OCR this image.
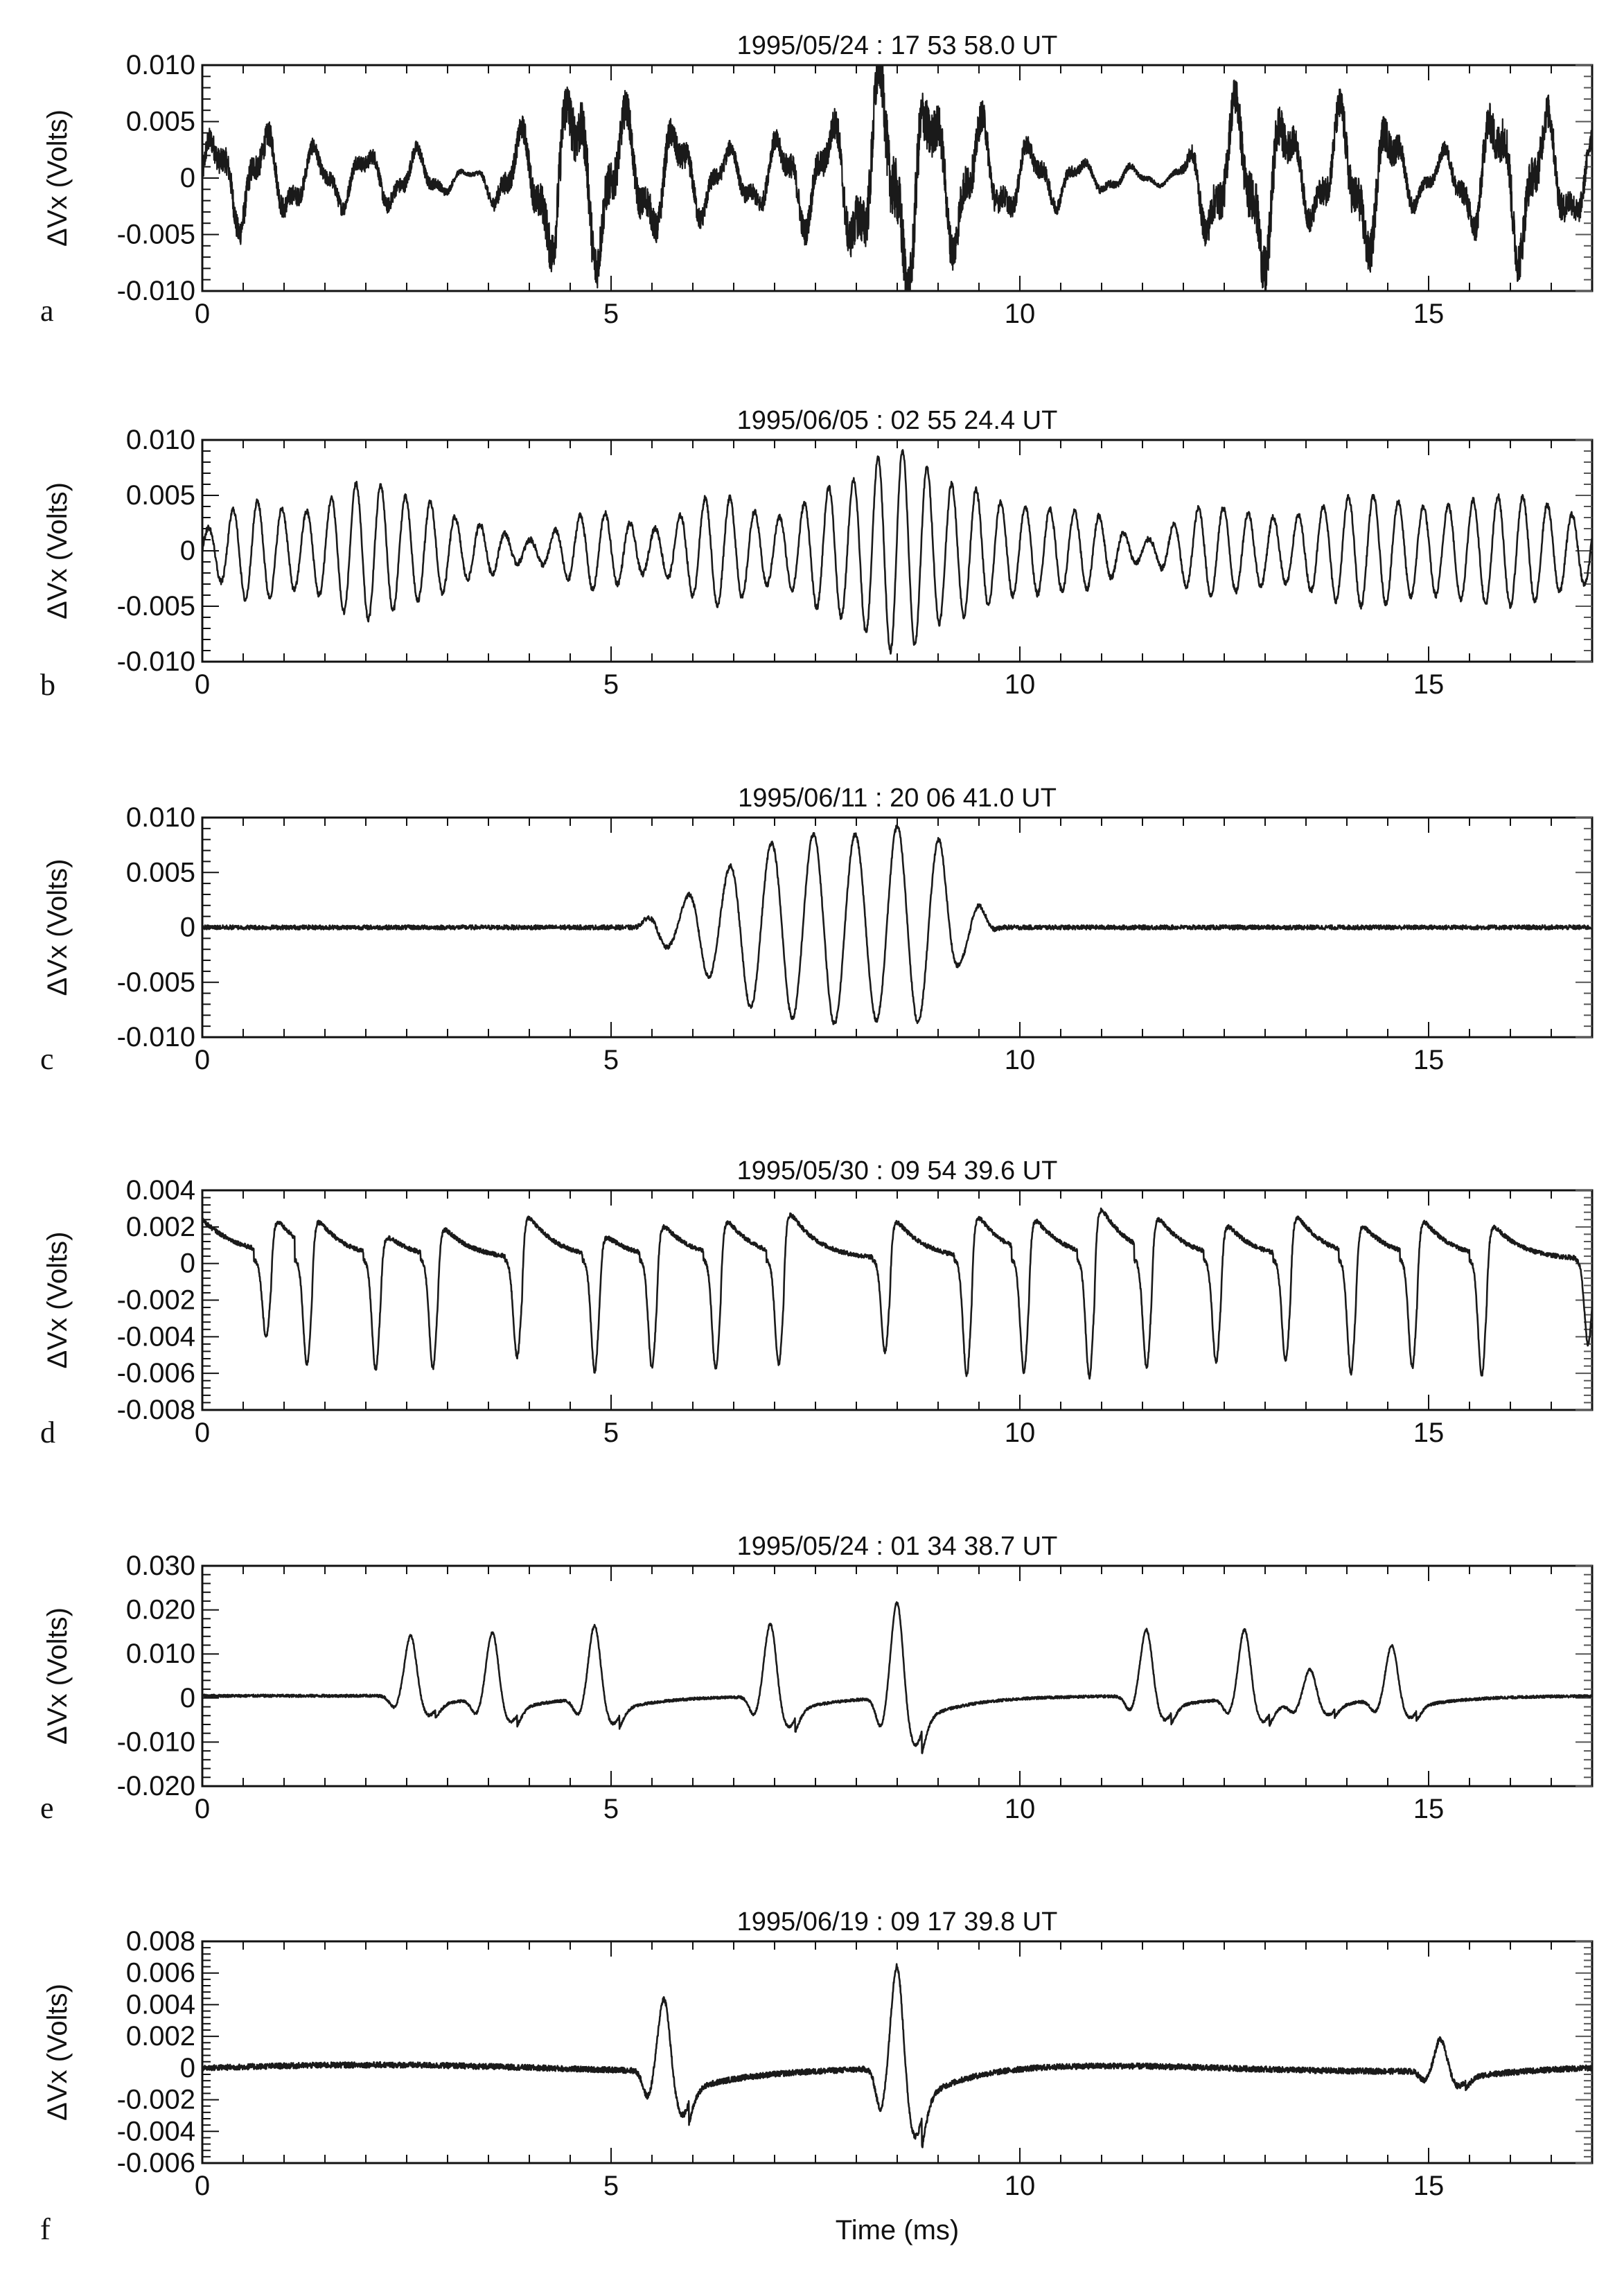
1995/05/24 : 17 53 58.0 UT
0	5	10	15
-0.010
-0.005
0
0.005
0.010
ΔVx (Volts)
a
1995/06/05 : 02 55 24.4 UT
0	5	10	15
-0.010
-0.005
0
0.005
0.010
ΔVx (Volts)
b
1995/06/11 : 20 06 41.0 UT
0	5	10	15
-0.010
-0.005
0
0.005
0.010
ΔVx (Volts)
c
1995/05/30 : 09 54 39.6 UT
0	5	10	15
-0.008
-0.006
-0.004
-0.002
0
0.002
0.004
ΔVx (Volts)
d
1995/05/24 : 01 34 38.7 UT
0	5	10	15
-0.020
-0.010
0
0.010
0.020
0.030
ΔVx (Volts)
e
1995/06/19 : 09 17 39.8 UT
0	5	10	15
-0.006
-0.004
-0.002
0
0.002
0.004
0.006
0.008
ΔVx (Volts)
Time (ms)
f
